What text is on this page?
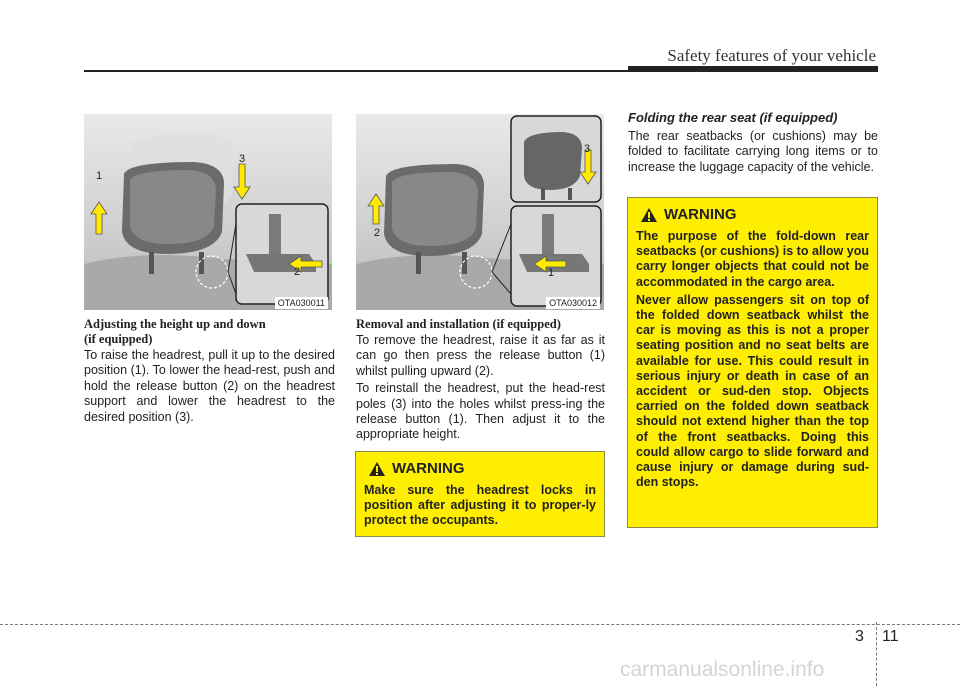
Safety features of your vehicle
1
2
3
OTA030011
Adjusting the height up and down
(if equipped)

To raise the headrest, pull it up to the desired position (1). To lower the head-rest, push and hold the release button (2) on the headrest support and lower the headrest to the desired position (3).

1
2
3
OTA030012
Removal and installation (if equipped)

To remove the headrest, raise it as far as it can go then press the release button (1) whilst pulling upward (2).

To reinstall the headrest, put the head-rest poles (3) into the holes whilst press-ing the release button (1). Then adjust it to the appropriate height.

WARNING

Make sure the headrest locks in position after adjusting it to proper-ly protect the occupants.

Folding the rear seat (if equipped)

The rear seatbacks (or cushions) may be folded to facilitate carrying long items or to increase the luggage capacity of the vehicle.

WARNING

The purpose of the fold-down rear seatbacks (or cushions) is to allow you carry longer objects that could not be accommodated in the cargo area.

Never allow passengers sit on top of the folded down seatback whilst the car is moving as this is not a proper seating position and no seat belts are available for use. This could result in serious injury or death in case of an accident or sud-den stop. Objects carried on the folded down seatback should not extend higher than the top of the front seatbacks. Doing this could allow cargo to slide forward and cause injury or damage during sud-den stops.

3 11
carmanualsonline.info
